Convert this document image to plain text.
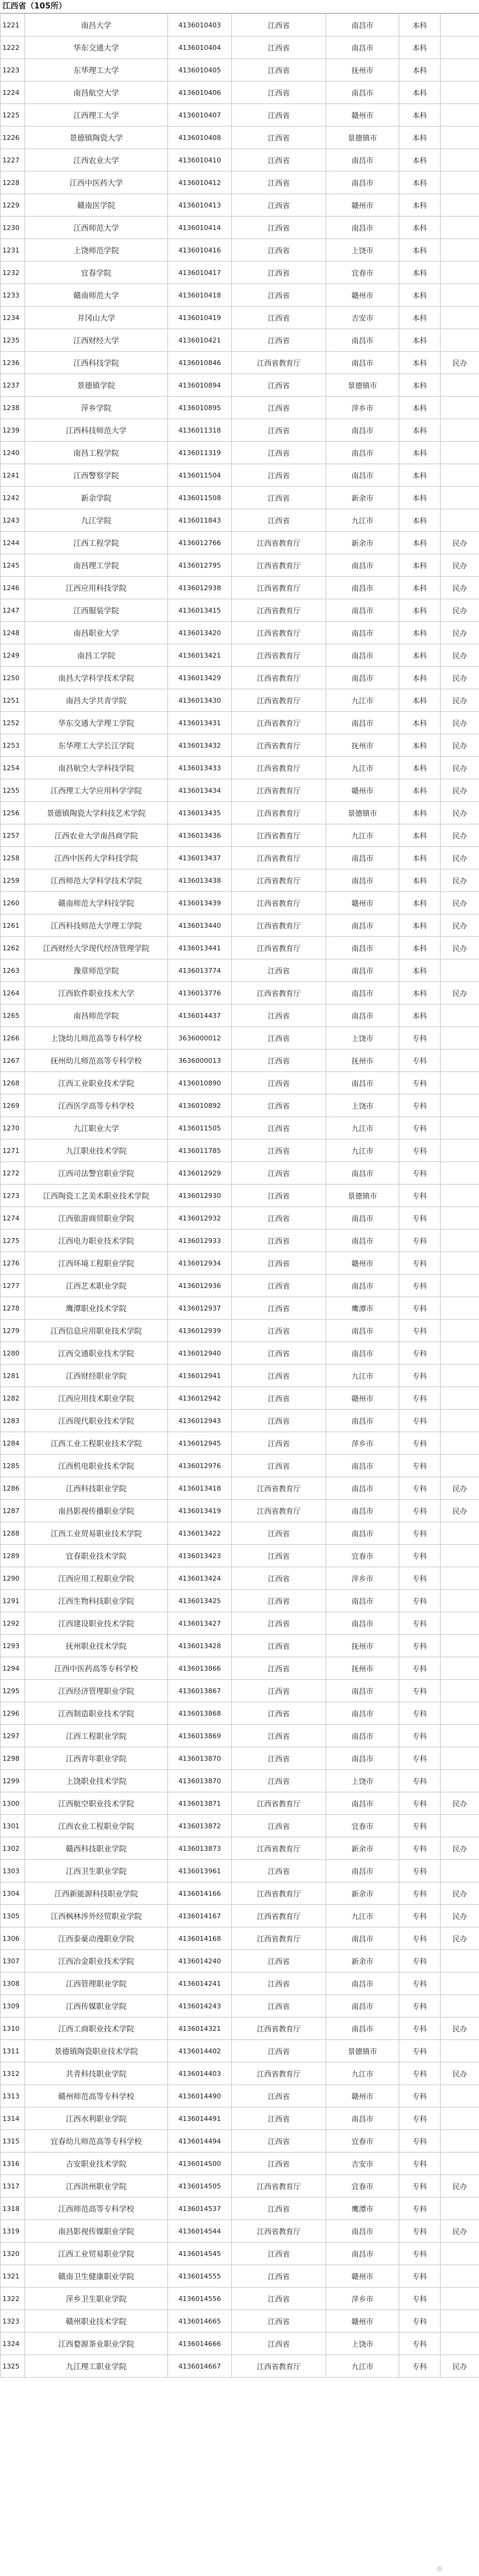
江西省（105所）
1221	南昌大学	4136010403	江西省	南昌市	本科	
1222	华东交通大学	4136010404	江西省	南昌市	本科	
1223	东华理工大学	4136010405	江西省	抚州市	本科	
1224	南昌航空大学	4136010406	江西省	南昌市	本科	
1225	江西理工大学	4136010407	江西省	赣州市	本科	
1226	景德镇陶瓷大学	4136010408	江西省	景德镇市	本科	
1227	江西农业大学	4136010410	江西省	南昌市	本科	
1228	江西中医药大学	4136010412	江西省	南昌市	本科	
1229	赣南医学院	4136010413	江西省	赣州市	本科	
1230	江西师范大学	4136010414	江西省	南昌市	本科	
1231	上饶师范学院	4136010416	江西省	上饶市	本科	
1232	宜春学院	4136010417	江西省	宜春市	本科	
1233	赣南师范大学	4136010418	江西省	赣州市	本科	
1234	井冈山大学	4136010419	江西省	吉安市	本科	
1235	江西财经大学	4136010421	江西省	南昌市	本科	
1236	江西科技学院	4136010846	江西省教育厅	南昌市	本科	民办
1237	景德镇学院	4136010894	江西省	景德镇市	本科	
1238	萍乡学院	4136010895	江西省	萍乡市	本科	
1239	江西科技师范大学	4136011318	江西省	南昌市	本科	
1240	南昌工程学院	4136011319	江西省	南昌市	本科	
1241	江西警察学院	4136011504	江西省	南昌市	本科	
1242	新余学院	4136011508	江西省	新余市	本科	
1243	九江学院	4136011843	江西省	九江市	本科	
1244	江西工程学院	4136012766	江西省教育厅	新余市	本科	民办
1245	南昌理工学院	4136012795	江西省教育厅	南昌市	本科	民办
1246	江西应用科技学院	4136012938	江西省教育厅	南昌市	本科	民办
1247	江西服装学院	4136013415	江西省教育厅	南昌市	本科	民办
1248	南昌职业大学	4136013420	江西省教育厅	南昌市	本科	民办
1249	南昌工学院	4136013421	江西省教育厅	南昌市	本科	民办
1250	南昌大学科学技术学院	4136013429	江西省教育厅	南昌市	本科	民办
1251	南昌大学共青学院	4136013430	江西省教育厅	九江市	本科	民办
1252	华东交通大学理工学院	4136013431	江西省教育厅	南昌市	本科	民办
1253	东华理工大学长江学院	4136013432	江西省教育厅	抚州市	本科	民办
1254	南昌航空大学科技学院	4136013433	江西省教育厅	九江市	本科	民办
1255	江西理工大学应用科学学院	4136013434	江西省教育厅	赣州市	本科	民办
1256	景德镇陶瓷大学科技艺术学院	4136013435	江西省教育厅	景德镇市	本科	民办
1257	江西农业大学南昌商学院	4136013436	江西省教育厅	九江市	本科	民办
1258	江西中医药大学科技学院	4136013437	江西省教育厅	南昌市	本科	民办
1259	江西师范大学科学技术学院	4136013438	江西省教育厅	南昌市	本科	民办
1260	赣南师范大学科技学院	4136013439	江西省教育厅	赣州市	本科	民办
1261	江西科技师范大学理工学院	4136013440	江西省教育厅	南昌市	本科	民办
1262	江西财经大学现代经济管理学院	4136013441	江西省教育厅	南昌市	本科	民办
1263	豫章师范学院	4136013774	江西省	南昌市	本科	
1264	江西软件职业技术大学	4136013776	江西省教育厅	南昌市	本科	民办
1265	南昌师范学院	4136014437	江西省	南昌市	本科	
1266	上饶幼儿师范高等专科学校	3636000012	江西省	上饶市	专科	
1267	抚州幼儿师范高等专科学校	3636000013	江西省	抚州市	专科	
1268	江西工业职业技术学院	4136010890	江西省	南昌市	专科	
1269	江西医学高等专科学校	4136010892	江西省	上饶市	专科	
1270	九江职业大学	4136011505	江西省	九江市	专科	
1271	九江职业技术学院	4136011785	江西省	九江市	专科	
1272	江西司法警官职业学院	4136012929	江西省	南昌市	专科	
1273	江西陶瓷工艺美术职业技术学院	4136012930	江西省	景德镇市	专科	
1274	江西旅游商贸职业学院	4136012932	江西省	南昌市	专科	
1275	江西电力职业技术学院	4136012933	江西省	南昌市	专科	
1276	江西环境工程职业学院	4136012934	江西省	赣州市	专科	
1277	江西艺术职业学院	4136012936	江西省	南昌市	专科	
1278	鹰潭职业技术学院	4136012937	江西省	鹰潭市	专科	
1279	江西信息应用职业技术学院	4136012939	江西省	南昌市	专科	
1280	江西交通职业技术学院	4136012940	江西省	南昌市	专科	
1281	江西财经职业学院	4136012941	江西省	九江市	专科	
1282	江西应用技术职业学院	4136012942	江西省	赣州市	专科	
1283	江西现代职业技术学院	4136012943	江西省	南昌市	专科	
1284	江西工业工程职业技术学院	4136012945	江西省	萍乡市	专科	
1285	江西机电职业技术学院	4136012976	江西省	南昌市	专科	
1286	江西科技职业学院	4136013418	江西省教育厅	南昌市	专科	民办
1287	南昌影视传播职业学院	4136013419	江西省教育厅	南昌市	专科	民办
1288	江西工业贸易职业技术学院	4136013422	江西省	南昌市	专科	
1289	宜春职业技术学院	4136013423	江西省	宜春市	专科	
1290	江西应用工程职业学院	4136013424	江西省	萍乡市	专科	
1291	江西生物科技职业学院	4136013425	江西省	南昌市	专科	
1292	江西建设职业技术学院	4136013427	江西省	南昌市	专科	
1293	抚州职业技术学院	4136013428	江西省	抚州市	专科	
1294	江西中医药高等专科学校	4136013866	江西省	抚州市	专科	
1295	江西经济管理职业学院	4136013867	江西省	南昌市	专科	
1296	江西制造职业技术学院	4136013868	江西省	南昌市	专科	
1297	江西工程职业学院	4136013869	江西省	南昌市	专科	
1298	江西青年职业学院	4136013870	江西省	南昌市	专科	
1299	上饶职业技术学院	4136013870	江西省	上饶市	专科	
1300	江西航空职业技术学院	4136013871	江西省教育厅	南昌市	专科	民办
1301	江西农业工程职业学院	4136013872	江西省	宜春市	专科	
1302	赣西科技职业学院	4136013873	江西省教育厅	新余市	专科	民办
1303	江西卫生职业学院	4136013961	江西省	南昌市	专科	
1304	江西新能源科技职业学院	4136014166	江西省教育厅	新余市	专科	民办
1305	江西枫林涉外经贸职业学院	4136014167	江西省教育厅	九江市	专科	民办
1306	江西泰豪动漫职业学院	4136014168	江西省教育厅	南昌市	专科	民办
1307	江西冶金职业技术学院	4136014240	江西省	新余市	专科	
1308	江西管理职业学院	4136014241	江西省	南昌市	专科	
1309	江西传媒职业学院	4136014243	江西省	南昌市	专科	
1310	江西工商职业技术学院	4136014321	江西省教育厅	南昌市	专科	民办
1311	景德镇陶瓷职业技术学院	4136014402	江西省	景德镇市	专科	
1312	共青科技职业学院	4136014403	江西省教育厅	九江市	专科	民办
1313	赣州师范高等专科学校	4136014490	江西省	赣州市	专科	
1314	江西水利职业学院	4136014491	江西省	南昌市	专科	
1315	宜春幼儿师范高等专科学校	4136014494	江西省	宜春市	专科	
1316	吉安职业技术学院	4136014500	江西省	吉安市	专科	
1317	江西洪州职业学院	4136014505	江西省教育厅	宜春市	专科	民办
1318	江西师范高等专科学校	4136014537	江西省	鹰潭市	专科	
1319	南昌影视传媒职业学院	4136014544	江西省教育厅	南昌市	专科	民办
1320	江西工业贸易职业学院	4136014545	江西省	南昌市	专科	
1321	赣南卫生健康职业学院	4136014555	江西省	赣州市	专科	
1322	萍乡卫生职业学院	4136014556	江西省	萍乡市	专科	
1323	赣州职业技术学院	4136014665	江西省	赣州市	专科	
1324	江西婺源茶业职业学院	4136014666	江西省	上饶市	专科	
1325	九江理工职业学院	4136014667	江西省教育厅	九江市	专科	民办
◎
